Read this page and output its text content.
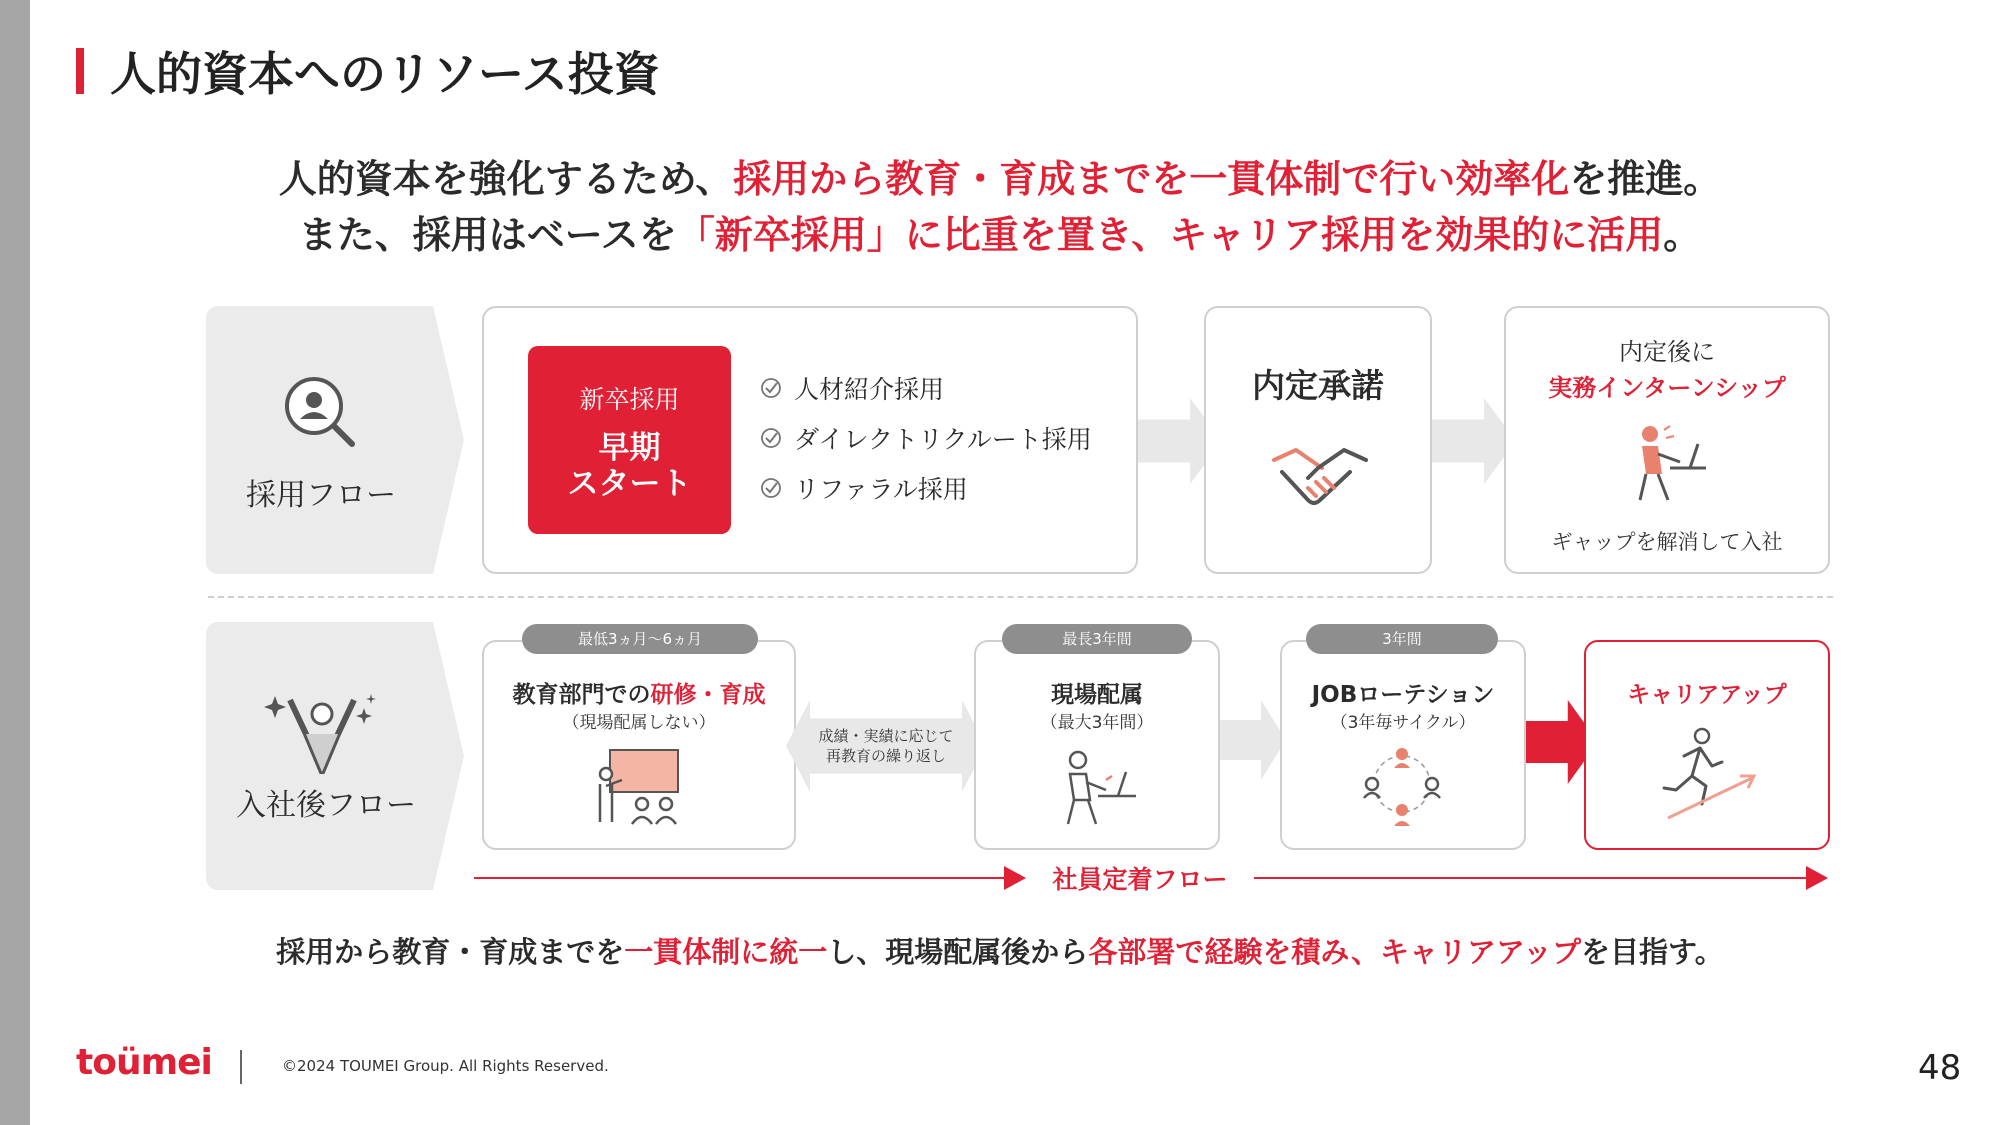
人的資本へのリソース投資
人的資本を強化するため、採用から教育・育成までを一貫体制で行い効率化を推進。
また、採用はベースを「新卒採用」に比重を置き、キャリア採用を効果的に活用。
採用フロー
新卒採用
早期
スタート
人材紹介採用
ダイレクトリクルート採用
リファラル採用
内定承諾
内定後に
実務インターンシップ
ギャップを解消して入社
入社後フロー
最低3ヵ月〜6ヵ月
教育部門での研修・育成
（現場配属しない）
成績・実績に応じて
再教育の繰り返し
最長3年間
現場配属
（最大3年間）
3年間
JOBローテション
（3年毎サイクル）
キャリアアップ
社員定着フロー
採用から教育・育成までを一貫体制に統一し、現場配属後から各部署で経験を積み、キャリアアップを目指す。
toümei	©2024 TOUMEI Group. All Rights Reserved.	48
